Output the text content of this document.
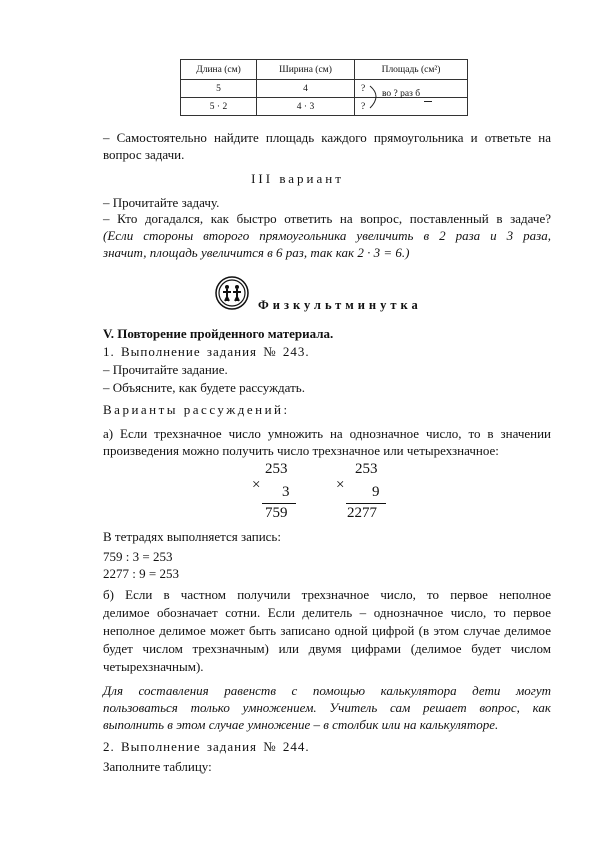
Длина (см)	Ширина (см)	Площадь (см²)
5	4	?
5 · 2	4 · 3	?
во ? раз б
– Самостоятельно найдите площадь каждого прямоугольника и ответьте на
вопрос задачи.
III вариант
– Прочитайте задачу.
– Кто догадался, как быстро ответить на вопрос, поставленный в задаче?
(Если стороны второго прямоугольника увеличить в 2 раза и 3 раза,
значит, площадь увеличится в 6 раз, так как 2 · 3 = 6.)
Физкультминутка
V. Повторение пройденного материала.
1. Выполнение задания № 243.
– Прочитайте задание.
– Объясните, как будете рассуждать.
Варианты рассуждений:
а) Если трехзначное число умножить на однозначное число, то в значении
произведения можно получить число трехзначное или четырехзначное:
253
× 3
759
253
× 9
2277
В тетрадях выполняется запись:
759 : 3 = 253
2277 : 9 = 253
б) Если в частном получили трехзначное число, то первое неполное
делимое обозначает сотни. Если делитель – однозначное число, то первое
неполное делимое может быть записано одной цифрой (в этом случае делимое
будет числом трехзначным) или двумя цифрами (делимое будет числом
четырехзначным).
Для составления равенств с помощью калькулятора дети могут
пользоваться только умножением. Учитель сам решает вопрос, как
выполнить в этом случае умножение – в столбик или на калькуляторе.
2. Выполнение задания № 244.
Заполните таблицу:
